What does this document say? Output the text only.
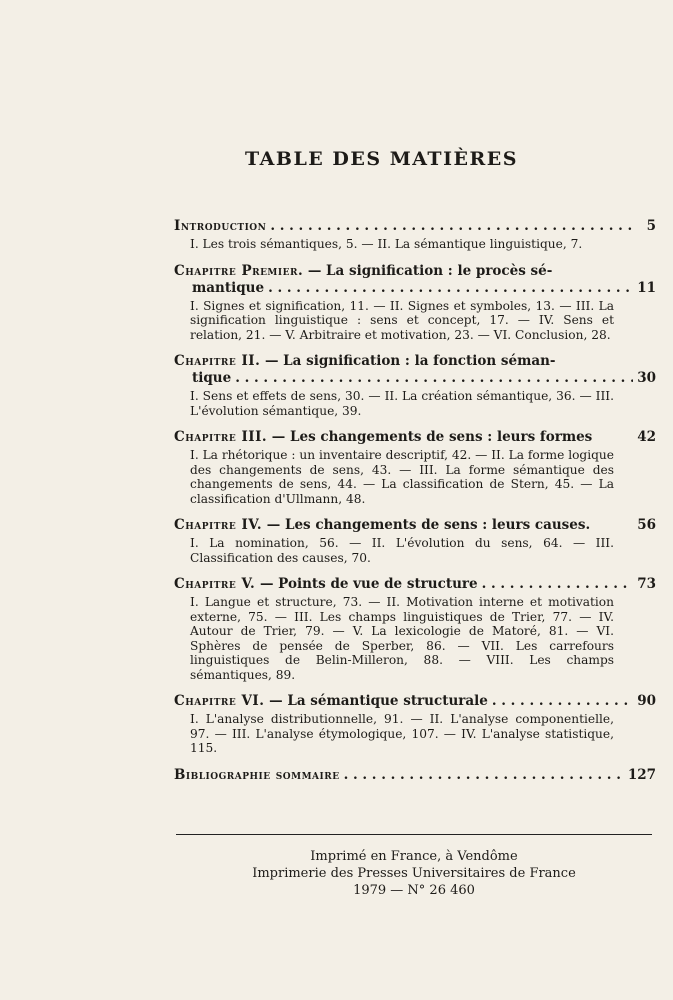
TABLE DES MATIÈRES
Introduction . . .	5
I. Les trois sémantiques, 5. — II. La sémantique linguistique, 7.
Chapitre Premier. — La signification : le procès sé-
mantique . . .	11
I. Signes et signification, 11. — II. Signes et symboles, 13. — III. La signification linguistique : sens et concept, 17. — IV. Sens et relation, 21. — V. Arbitraire et motivation, 23. — VI. Conclusion, 28.
Chapitre II. — La signification : la fonction séman-
tique . . .	30
I. Sens et effets de sens, 30. — II. La création sémantique, 36. — III. L'évolution sémantique, 39.
Chapitre III. — Les changements de sens : leurs formes	42
I. La rhétorique : un inventaire descriptif, 42. — II. La forme logique des changements de sens, 43. — III. La forme sémantique des changements de sens, 44. — La classification de Stern, 45. — La classification d'Ullmann, 48.
Chapitre IV. — Les changements de sens : leurs causes.	56
I. La nomination, 56. — II. L'évolution du sens, 64. — III. Classification des causes, 70.
Chapitre V. — Points de vue de structure . . .	73
I. Langue et structure, 73. — II. Motivation interne et motivation externe, 75. — III. Les champs linguistiques de Trier, 77. — IV. Autour de Trier, 79. — V. La lexicologie de Matoré, 81. — VI. Sphères de pensée de Sperber, 86. — VII. Les carrefours linguistiques de Belin-Milleron, 88. — VIII. Les champs sémantiques, 89.
Chapitre VI. — La sémantique structurale . . .	90
I. L'analyse distributionnelle, 91. — II. L'analyse componentielle, 97. — III. L'analyse étymologique, 107. — IV. L'analyse statistique, 115.
Bibliographie sommaire . . .	127
Imprimé en France, à Vendôme
Imprimerie des Presses Universitaires de France
1979 — N° 26 460
